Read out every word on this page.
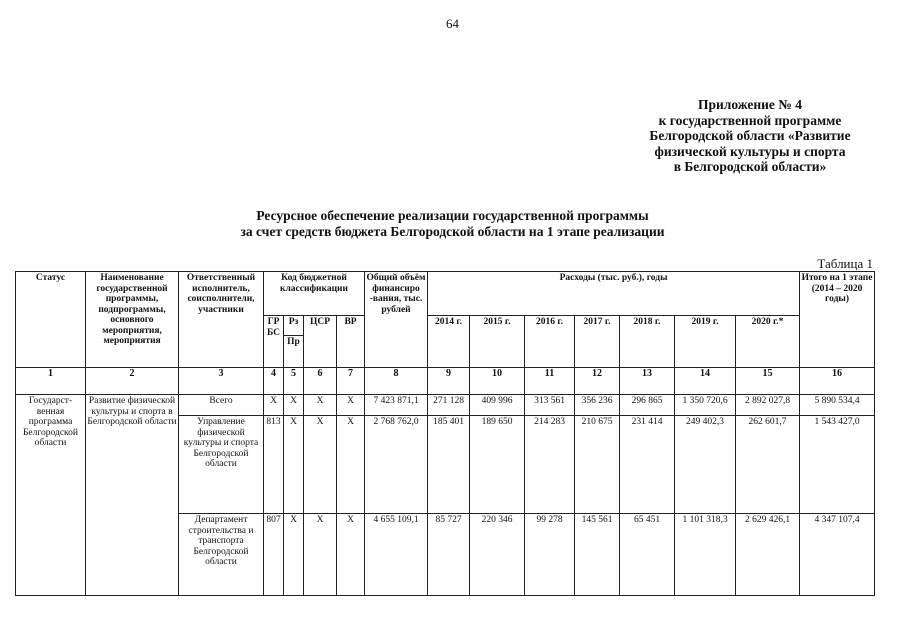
64
Приложение № 4
к государственной программе
Белгородской области «Развитие
физической культуры и спорта
в Белгородской области»
Ресурсное обеспечение реализации государственной программы
за счет средств бюджета Белгородской области на 1 этапе реализации
Таблица 1
Статус	Наименование государственной программы, подпрограммы, основного мероприятия, мероприятия	Ответственный исполнитель, соисполнители, участники	Код бюджетной классификации				Общий объём финансиро -вания, тыс. рублей	Расходы (тыс. руб.), годы							Итого на 1 этапе (2014 – 2020 годы)
			ГР БС	Рз	ЦСР	ВР		2014 г.	2015 г.	2016 г.	2017 г.	2018 г.	2019 г.	2020 г.*	
				Пр											
1	2	3	4	5	6	7	8	9	10	11	12	13	14	15	16
Государст- венная программа Белгородской области	Развитие физической культуры и спорта в Белгородской области	Всего	Х	Х	Х	Х	7 423 871,1	271 128	409 996	313 561	356 236	296 865	1 350 720,6	2 892 027,8	5 890 534,4
		Управление физической культуры и спорта Белгородской области	813	Х	Х	Х	2 768 762,0	185 401	189 650	214 283	210 675	231 414	249 402,3	262 601,7	1 543 427,0
		Департамент строительства и транспорта Белгородской области	807	Х	Х	Х	4 655 109,1	85 727	220 346	99 278	145 561	65 451	1 101 318,3	2 629 426,1	4 347 107,4
